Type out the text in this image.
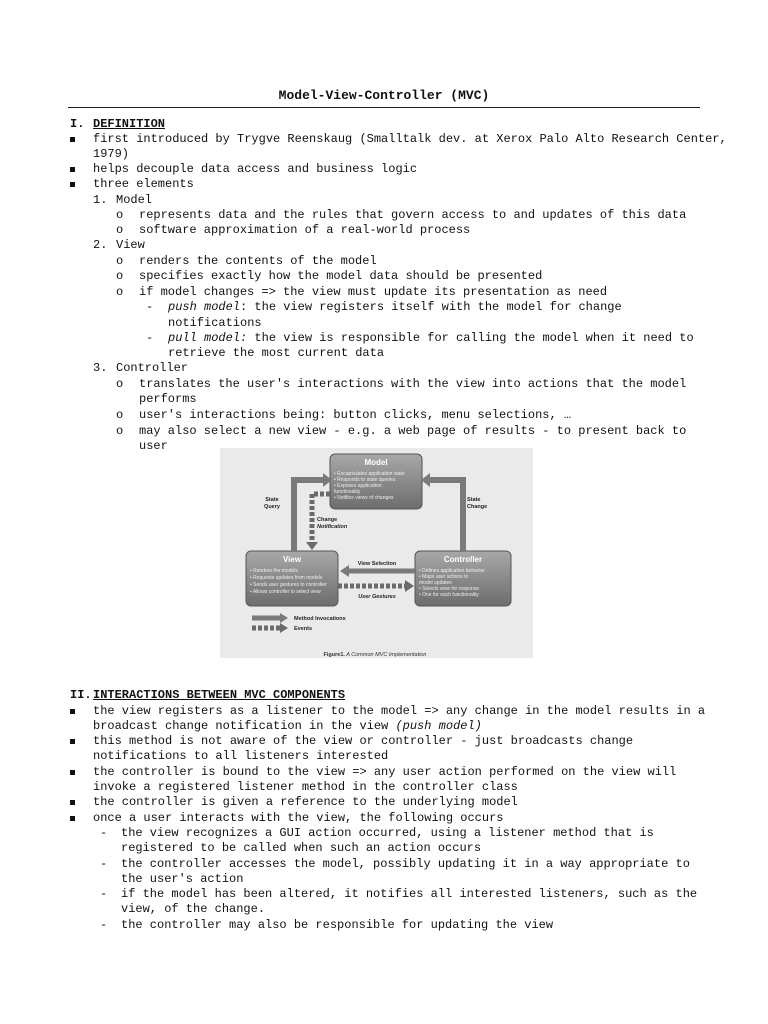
Model-View-Controller (MVC)
I. DEFINITION
first introduced by Trygve Reenskaug (Smalltalk dev. at Xerox Palo Alto Research Center,
1979)
helps decouple data access and business logic
three elements
1. Model
o represents data and the rules that govern access to and updates of this data
o software approximation of a real-world process
2. View
o renders the contents of the model
o specifies exactly how the model data should be presented
o if model changes => the view must update its presentation as need
- push model: the view registers itself with the model for change
notifications
- pull model: the view is responsible for calling the model when it need to
retrieve the most current data
3. Controller
o translates the user's interactions with the view into actions that the model
performs
o user's interactions being: button clicks, menu selections, …
o may also select a new view - e.g. a web page of results - to present back to
user
Model
• Encapsulates application state
• Responds to state queries
• Exposes application
functionality
• Notifies views of changes
View
• Renders the models
• Requests updates from models
• Sends user gestures to controller
• Allows controller to select view
Controller
• Defines application behavior
• Maps user actions to
model updates
• Selects view for response
• One for each functionality
State
Query
State
Change
Change
Notification
View Selection
User Gestures
Method Invocations
Events
Figure1. A Common MVC Implementation
II. INTERACTIONS BETWEEN MVC COMPONENTS
the view registers as a listener to the model => any change in the model results in a
broadcast change notification in the view (push model)
this method is not aware of the view or controller - just broadcasts change
notifications to all listeners interested
the controller is bound to the view => any user action performed on the view will
invoke a registered listener method in the controller class
the controller is given a reference to the underlying model
once a user interacts with the view, the following occurs
- the view recognizes a GUI action occurred, using a listener method that is
registered to be called when such an action occurs
- the controller accesses the model, possibly updating it in a way appropriate to
the user's action
- if the model has been altered, it notifies all interested listeners, such as the
view, of the change.
- the controller may also be responsible for updating the view
